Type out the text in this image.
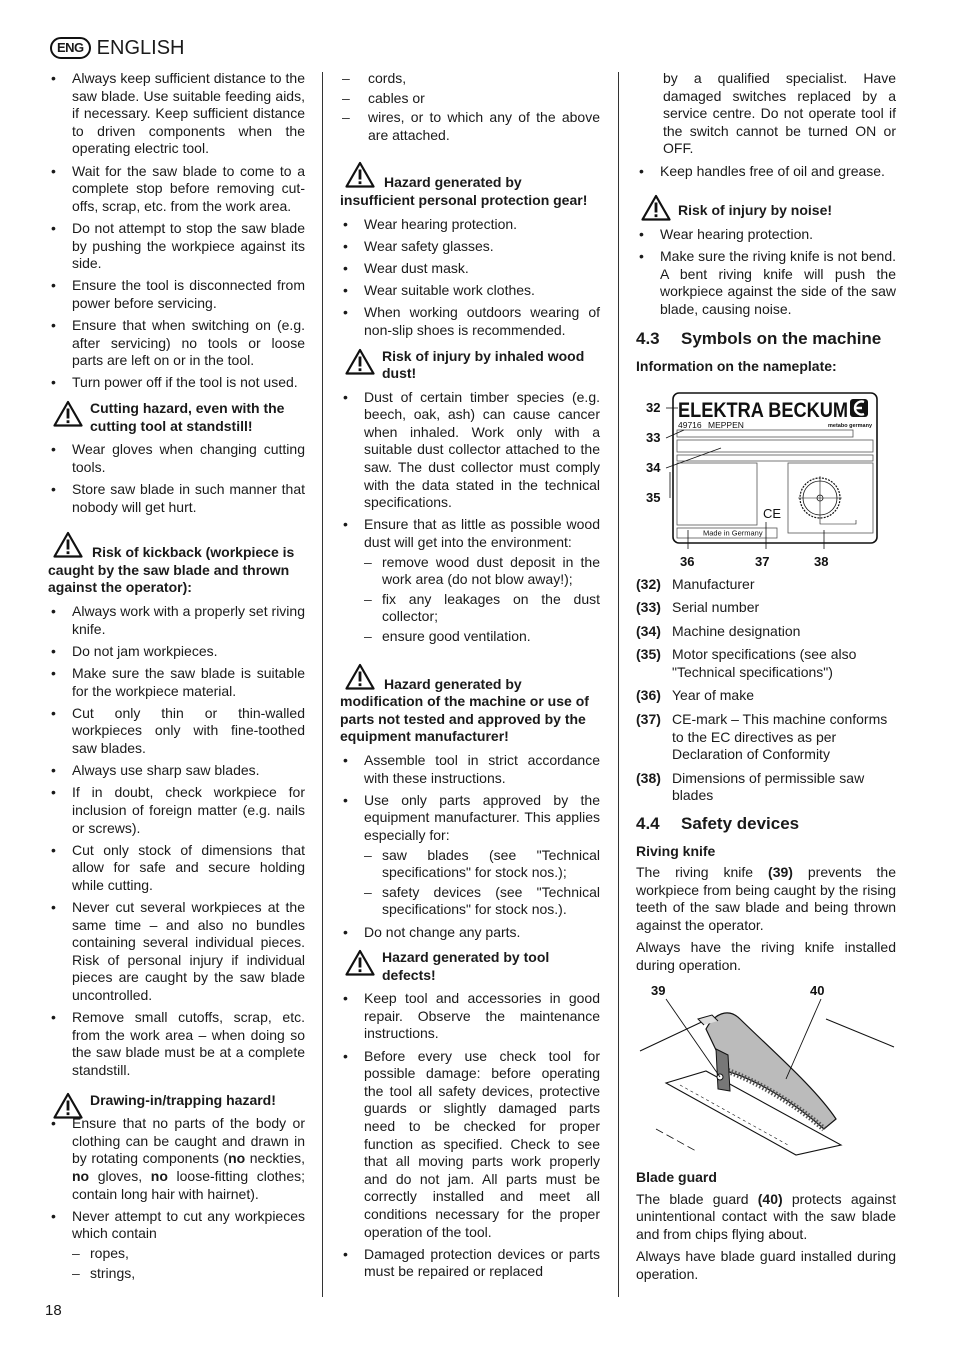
ENG ENGLISH
• Always keep sufficient distance to the saw blade. Use suitable feeding aids, if necessary. Keep sufficient distance to driven components when the operating electric tool.
• Wait for the saw blade to come to a complete stop before removing cut-offs, scrap, etc. from the work area.
• Do not attempt to stop the saw blade by pushing the workpiece against its side.
• Ensure the tool is disconnected from power before servicing.
• Ensure that when switching on (e.g. after servicing) no tools or loose parts are left on or in the tool.
• Turn power off if the tool is not used.
Cutting hazard, even with the cutting tool at standstill!
• Wear gloves when changing cutting tools.
• Store saw blade in such manner that nobody will get hurt.
Risk of kickback (workpiece is caught by the saw blade and thrown against the operator):
• Always work with a properly set riving knife.
• Do not jam workpieces.
• Make sure the saw blade is suitable for the workpiece material.
• Cut only thin or thin-walled workpieces only with fine-toothed saw blades.
• Always use sharp saw blades.
• If in doubt, check workpiece for inclusion of foreign matter (e.g. nails or screws).
• Cut only stock of dimensions that allow for safe and secure holding while cutting.
• Never cut several workpieces at the same time – and also no bundles containing several individual pieces. Risk of personal injury if individual pieces are caught by the saw blade uncontrolled.
• Remove small cutoffs, scrap, etc. from the work area – when doing so the saw blade must be at a complete standstill.
Drawing-in/trapping hazard!
• Ensure that no parts of the body or clothing can be caught and drawn in by rotating components (no neckties, no gloves, no loose-fitting clothes; contain long hair with hairnet).
• Never attempt to cut any workpieces which contain
– ropes,
– strings,
– cords,
– cables or
– wires, or to which any of the above are attached.
Hazard generated by insufficient personal protection gear!
• Wear hearing protection.
• Wear safety glasses.
• Wear dust mask.
• Wear suitable work clothes.
• When working outdoors wearing of non-slip shoes is recommended.
Risk of injury by inhaled wood dust!
• Dust of certain timber species (e.g. beech, oak, ash) can cause cancer when inhaled. Work only with a suitable dust collector attached to the saw. The dust collector must comply with the data stated in the technical specifications.
• Ensure that as little as possible wood dust will get into the environment:
– remove wood dust deposit in the work area (do not blow away!);
– fix any leakages on the dust collector;
– ensure good ventilation.
Hazard generated by modification of the machine or use of parts not tested and approved by the equipment manufacturer!
• Assemble tool in strict accordance with these instructions.
• Use only parts approved by the equipment manufacturer. This applies especially for:
– saw blades (see "Technical specifications" for stock nos.);
– safety devices (see "Technical specifications" for stock nos.).
• Do not change any parts.
Hazard generated by tool defects!
• Keep tool and accessories in good repair. Observe the maintenance instructions.
• Before every use check tool for possible damage: before operating the tool all safety devices, protective guards or slightly damaged parts need to be checked for proper function as specified. Check to see that all moving parts work properly and do not jam. All parts must be correctly installed and meet all conditions necessary for the proper operation of the tool.
• Damaged protection devices or parts must be repaired or replaced

by a qualified specialist. Have damaged switches replaced by a service centre. Do not operate tool if the switch cannot be turned ON or OFF.

• Keep handles free of oil and grease.
Risk of injury by noise!
• Wear hearing protection.
• Make sure the riving knife is not bend. A bent riving knife will push the workpiece against the side of the saw blade, causing noise.
4.3	Symbols on the machine
Information on the nameplate:
ELEKTRA BECKUM
49716 MEPPEN	metabo germany
CE
Made in Germany
32
33
34
35
36	37	38
(32) Manufacturer
(33) Serial number
(34) Machine designation
(35) Motor specifications (see also "Technical specifications")
(36) Year of make
(37) CE-mark – This machine conforms to the EC directives as per Declaration of Conformity
(38) Dimensions of permissible saw blades
4.4	Safety devices
Riving knife

The riving knife (39) prevents the workpiece from being caught by the rising teeth of the saw blade and being thrown against the operator.

Always have the riving knife installed during operation.

39	40
Blade guard

The blade guard (40) protects against unintentional contact with the saw blade and from chips flying about.

Always have blade guard installed during operation.

18
